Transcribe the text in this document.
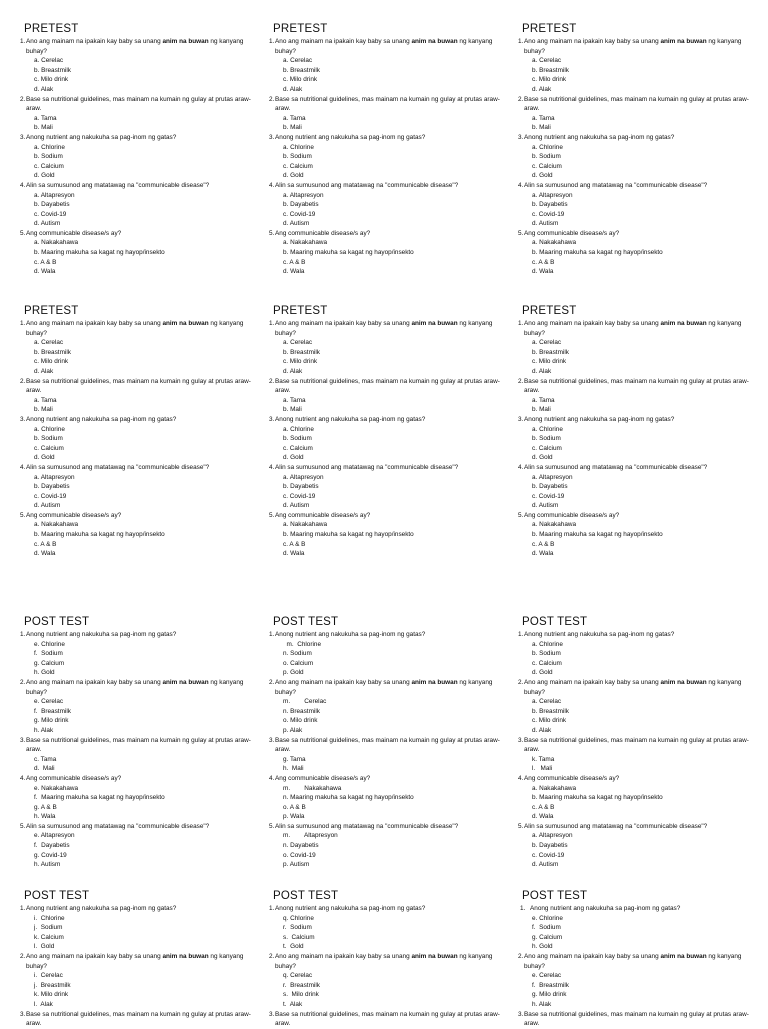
PRETEST
1. Ano ang mainam na ipakain kay baby sa unang anim na buwan ng kanyang buhay?
a. Cerelac
b. Breastmilk
c. Milo drink
d. Alak
2. Base sa nutritional guidelines, mas mainam na kumain ng gulay at prutas araw-araw.
a. Tama
b. Mali
3. Anong nutrient ang nakukuha sa pag-inom ng gatas?
a. Chlorine
b. Sodium
c. Calcium
d. Gold
4. Alin sa sumusunod ang matatawag na "communicable disease"?
a. Altapresyon
b. Dayabetis
c. Covid-19
d. Autism
5. Ang communicable disease/s ay?
a. Nakakahawa
b. Maaring makuha sa kagat ng hayop/insekto
c. A & B
d. Wala
PRETEST
1. Ano ang mainam na ipakain kay baby sa unang anim na buwan ng kanyang buhay?
a. Cerelac
b. Breastmilk
c. Milo drink
d. Alak
2. Base sa nutritional guidelines, mas mainam na kumain ng gulay at prutas araw-araw.
a. Tama
b. Mali
3. Anong nutrient ang nakukuha sa pag-inom ng gatas?
a. Chlorine
b. Sodium
c. Calcium
d. Gold
4. Alin sa sumusunod ang matatawag na "communicable disease"?
a. Altapresyon
b. Dayabetis
c. Covid-19
d. Autism
5. Ang communicable disease/s ay?
a. Nakakahawa
b. Maaring makuha sa kagat ng hayop/insekto
c. A & B
d. Wala
PRETEST
1. Ano ang mainam na ipakain kay baby sa unang anim na buwan ng kanyang buhay?
a. Cerelac
b. Breastmilk
c. Milo drink
d. Alak
2. Base sa nutritional guidelines, mas mainam na kumain ng gulay at prutas araw-araw.
a. Tama
b. Mali
3. Anong nutrient ang nakukuha sa pag-inom ng gatas?
a. Chlorine
b. Sodium
c. Calcium
d. Gold
4. Alin sa sumusunod ang matatawag na "communicable disease"?
a. Altapresyon
b. Dayabetis
c. Covid-19
d. Autism
5. Ang communicable disease/s ay?
a. Nakakahawa
b. Maaring makuha sa kagat ng hayop/insekto
c. A & B
d. Wala
PRETEST
1. Ano ang mainam na ipakain kay baby sa unang anim na buwan ng kanyang buhay?
a. Cerelac
b. Breastmilk
c. Milo drink
d. Alak
2. Base sa nutritional guidelines, mas mainam na kumain ng gulay at prutas araw-araw.
a. Tama
b. Mali
3. Anong nutrient ang nakukuha sa pag-inom ng gatas?
a. Chlorine
b. Sodium
c. Calcium
d. Gold
4. Alin sa sumusunod ang matatawag na "communicable disease"?
a. Altapresyon
b. Dayabetis
c. Covid-19
d. Autism
5. Ang communicable disease/s ay?
a. Nakakahawa
b. Maaring makuha sa kagat ng hayop/insekto
c. A & B
d. Wala
PRETEST
1. Ano ang mainam na ipakain kay baby sa unang anim na buwan ng kanyang buhay?
a. Cerelac
b. Breastmilk
c. Milo drink
d. Alak
2. Base sa nutritional guidelines, mas mainam na kumain ng gulay at prutas araw-araw.
a. Tama
b. Mali
3. Anong nutrient ang nakukuha sa pag-inom ng gatas?
a. Chlorine
b. Sodium
c. Calcium
d. Gold
4. Alin sa sumusunod ang matatawag na "communicable disease"?
a. Altapresyon
b. Dayabetis
c. Covid-19
d. Autism
5. Ang communicable disease/s ay?
a. Nakakahawa
b. Maaring makuha sa kagat ng hayop/insekto
c. A & B
d. Wala
PRETEST
1. Ano ang mainam na ipakain kay baby sa unang anim na buwan ng kanyang buhay?
a. Cerelac
b. Breastmilk
c. Milo drink
d. Alak
2. Base sa nutritional guidelines, mas mainam na kumain ng gulay at prutas araw-araw.
a. Tama
b. Mali
3. Anong nutrient ang nakukuha sa pag-inom ng gatas?
a. Chlorine
b. Sodium
c. Calcium
d. Gold
4. Alin sa sumusunod ang matatawag na "communicable disease"?
a. Altapresyon
b. Dayabetis
c. Covid-19
d. Autism
5. Ang communicable disease/s ay?
a. Nakakahawa
b. Maaring makuha sa kagat ng hayop/insekto
c. A & B
d. Wala
POST TEST
1. Anong nutrient ang nakukuha sa pag-inom ng gatas?
e. Chlorine
f.  Sodium
g. Calcium
h. Gold
2. Ano ang mainam na ipakain kay baby sa unang anim na buwan ng kanyang buhay?
e. Cerelac
f.  Breastmilk
g. Milo drink
h. Alak
3. Base sa nutritional guidelines, mas mainam na kumain ng gulay at prutas araw-araw.
c. Tama
d.  Mali
4. Ang communicable disease/s ay?
e. Nakakahawa
f.  Maaring makuha sa kagat ng hayop/insekto
g. A & B
h. Wala
5. Alin sa sumusunod ang matatawag na "communicable disease"?
e. Altapresyon
f.  Dayabetis
g. Covid-19
h. Autism
POST TEST
1. Anong nutrient ang nakukuha sa pag-inom ng gatas?
m.  Chlorine
n. Sodium
o. Calcium
p. Gold
2. Ano ang mainam na ipakain kay baby sa unang anim na buwan ng kanyang buhay?
m.        Cerelac
n. Breastmilk
o. Milo drink
p. Alak
3. Base sa nutritional guidelines, mas mainam na kumain ng gulay at prutas araw-araw.
g. Tama
h.  Mali
4. Ang communicable disease/s ay?
m.        Nakakahawa
n. Maaring makuha sa kagat ng hayop/insekto
o. A & B
p. Wala
5. Alin sa sumusunod ang matatawag na "communicable disease"?
m.        Altapresyon
n. Dayabetis
o. Covid-19
p. Autism
POST TEST
1. Anong nutrient ang nakukuha sa pag-inom ng gatas?
a. Chlorine
b. Sodium
c. Calcium
d. Gold
2. Ano ang mainam na ipakain kay baby sa unang anim na buwan ng kanyang buhay?
a. Cerelac
b. Breastmilk
c. Milo drink
d. Alak
3. Base sa nutritional guidelines, mas mainam na kumain ng gulay at prutas araw-araw.
k. Tama
l.   Mali
4. Ang communicable disease/s ay?
a. Nakakahawa
b. Maaring makuha sa kagat ng hayop/insekto
c. A & B
d. Wala
5. Alin sa sumusunod ang matatawag na "communicable disease"?
a. Altapresyon
b. Dayabetis
c. Covid-19
d. Autism
POST TEST
1. Anong nutrient ang nakukuha sa pag-inom ng gatas?
i.  Chlorine
j.  Sodium
k. Calcium
l.  Gold
2. Ano ang mainam na ipakain kay baby sa unang anim na buwan ng kanyang buhay?
i.  Cerelac
j.  Breastmilk
k. Milo drink
l.  Alak
3. Base sa nutritional guidelines, mas mainam na kumain ng gulay at prutas araw-araw.
POST TEST
1. Anong nutrient ang nakukuha sa pag-inom ng gatas?
q. Chlorine
r.  Sodium
s.  Calcium
t.  Gold
2. Ano ang mainam na ipakain kay baby sa unang anim na buwan ng kanyang buhay?
q. Cerelac
r.  Breastmilk
s.  Milo drink
t.  Alak
3. Base sa nutritional guidelines, mas mainam na kumain ng gulay at prutas araw-araw.
POST TEST
1. Anong nutrient ang nakukuha sa pag-inom ng gatas?
e. Chlorine
f.  Sodium
g. Calcium
h. Gold
2. Ano ang mainam na ipakain kay baby sa unang anim na buwan ng kanyang buhay?
e. Cerelac
f.  Breastmilk
g. Milo drink
h. Alak
3. Base sa nutritional guidelines, mas mainam na kumain ng gulay at prutas araw-araw.
